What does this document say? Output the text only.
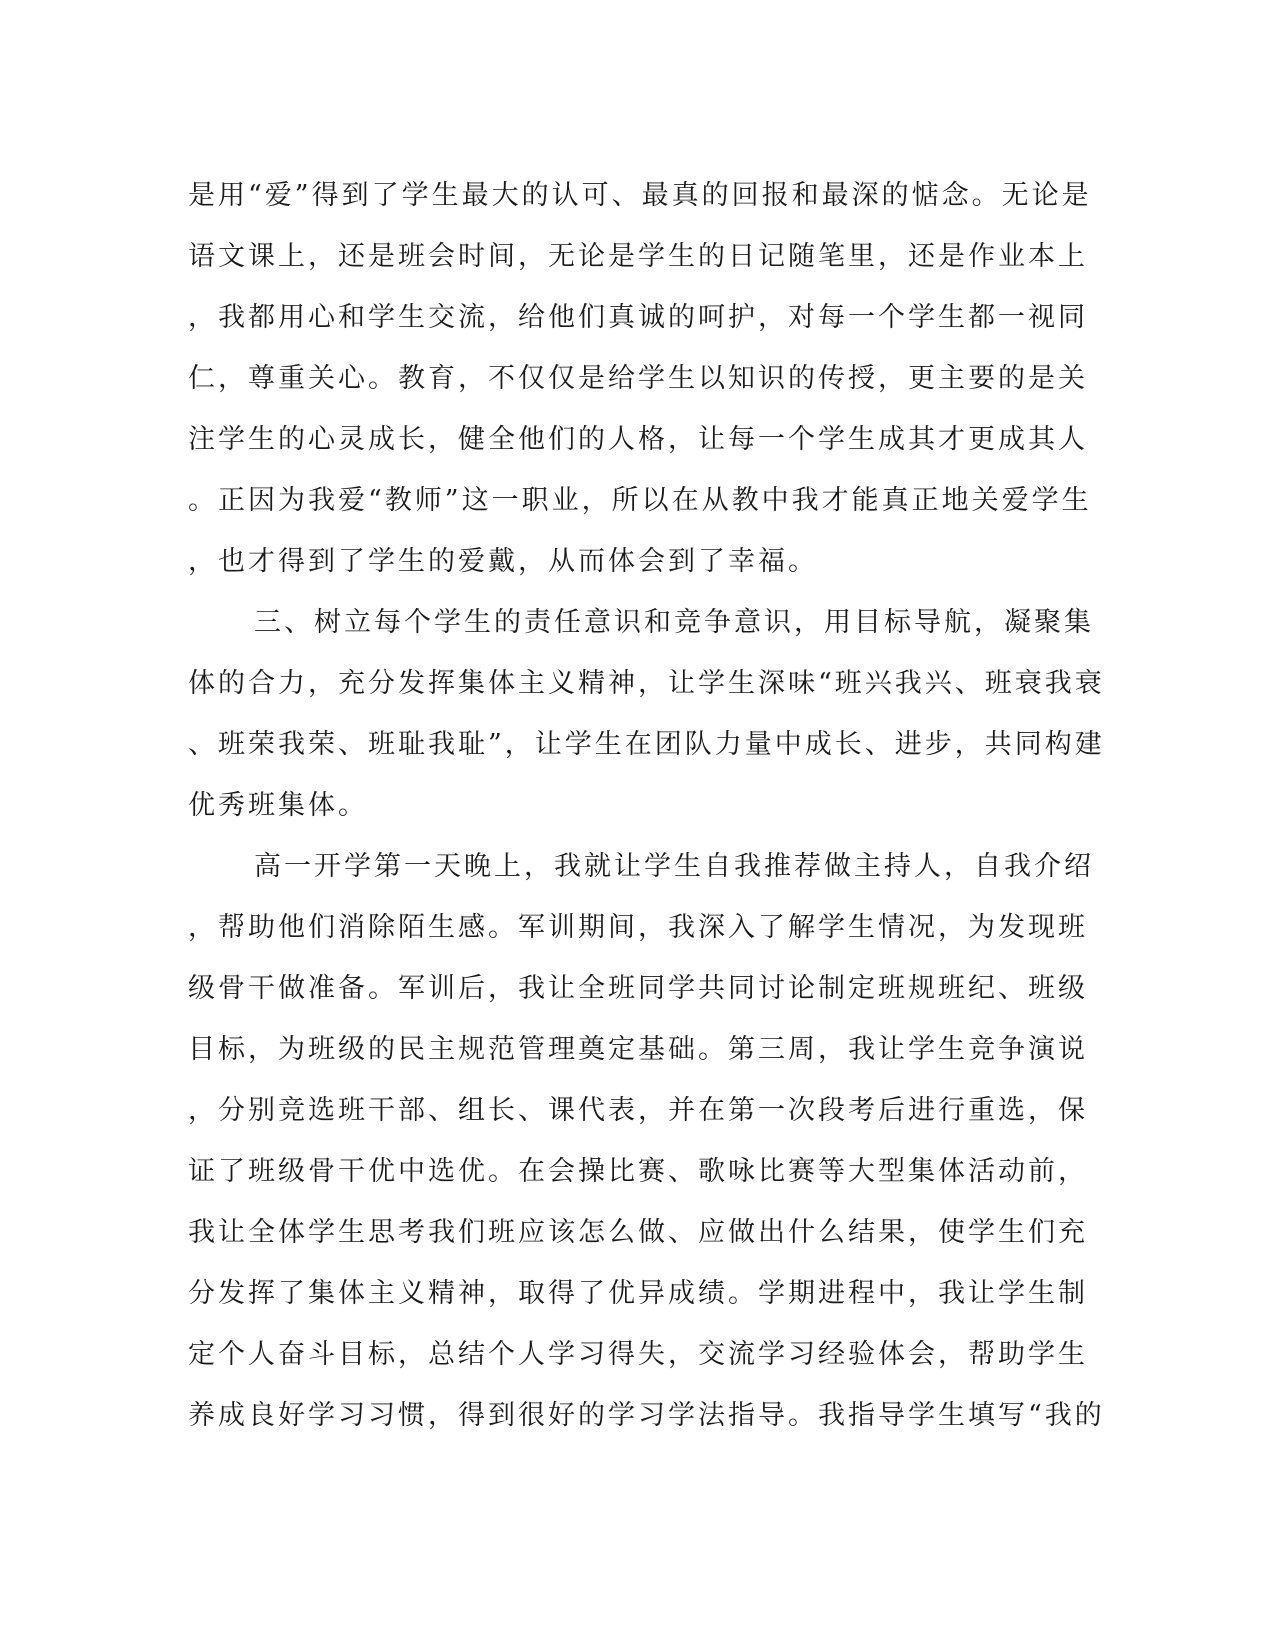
是用“爱”得到了学生最大的认可、最真的回报和最深的惦念。无论是
语文课上，还是班会时间，无论是学生的日记随笔里，还是作业本上
，我都用心和学生交流，给他们真诚的呵护，对每一个学生都一视同
仁，尊重关心。教育，不仅仅是给学生以知识的传授，更主要的是关
注学生的心灵成长，健全他们的人格，让每一个学生成其才更成其人
。正因为我爱“教师”这一职业，所以在从教中我才能真正地关爱学生
，也才得到了学生的爱戴，从而体会到了幸福。
三、树立每个学生的责任意识和竞争意识，用目标导航，凝聚集
体的合力，充分发挥集体主义精神，让学生深味“班兴我兴、班衰我衰
、班荣我荣、班耻我耻”，让学生在团队力量中成长、进步，共同构建
优秀班集体。
高一开学第一天晚上，我就让学生自我推荐做主持人，自我介绍
，帮助他们消除陌生感。军训期间，我深入了解学生情况，为发现班
级骨干做准备。军训后，我让全班同学共同讨论制定班规班纪、班级
目标，为班级的民主规范管理奠定基础。第三周，我让学生竞争演说
，分别竞选班干部、组长、课代表，并在第一次段考后进行重选，保
证了班级骨干优中选优。在会操比赛、歌咏比赛等大型集体活动前，
我让全体学生思考我们班应该怎么做、应做出什么结果，使学生们充
分发挥了集体主义精神，取得了优异成绩。学期进程中，我让学生制
定个人奋斗目标，总结个人学习得失，交流学习经验体会，帮助学生
养成良好学习习惯，得到很好的学习学法指导。我指导学生填写“我的
